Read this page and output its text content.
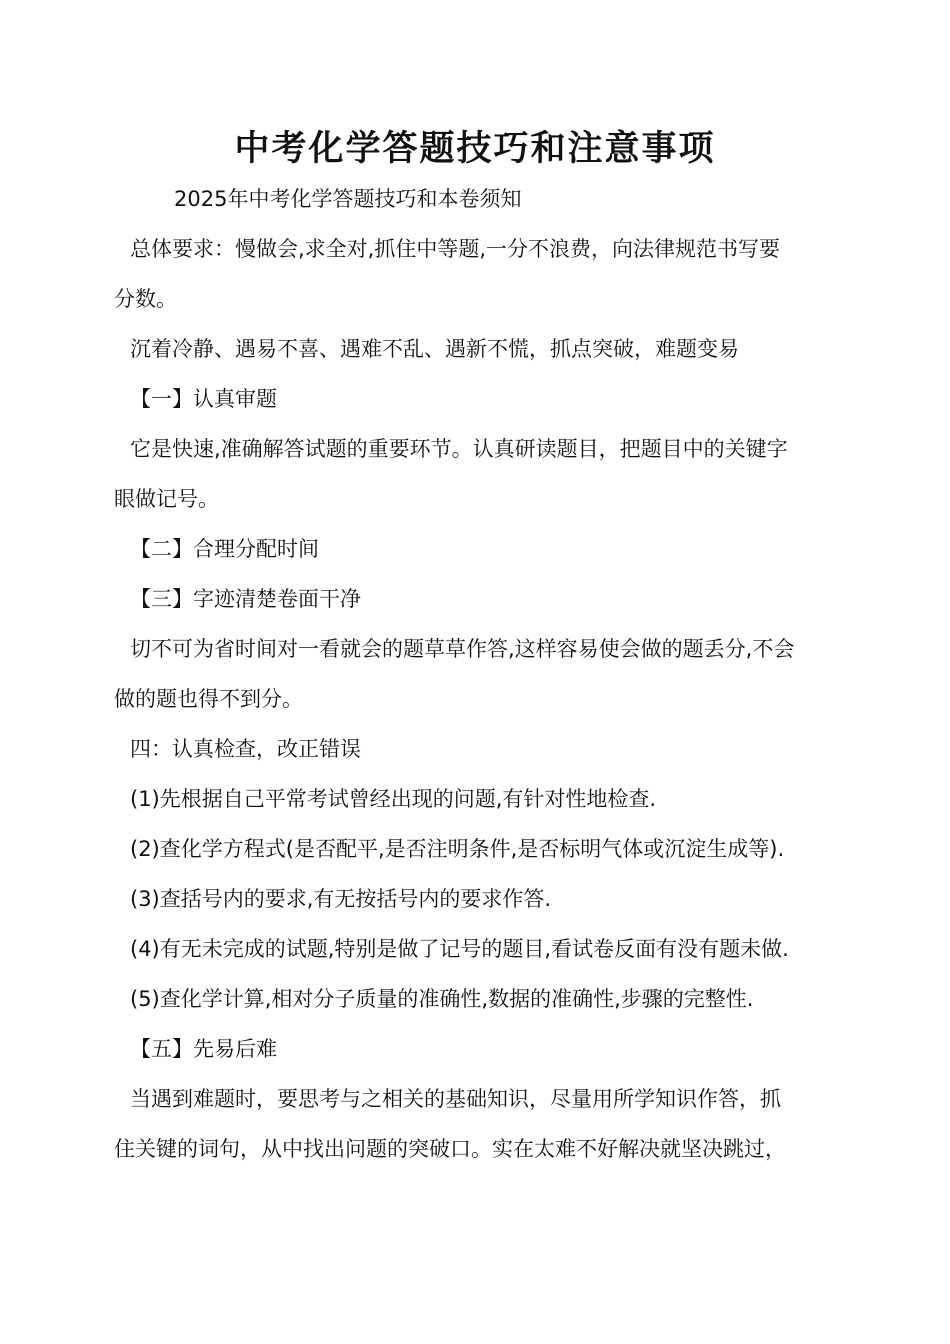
中考化学答题技巧和注意事项
2025年中考化学答题技巧和本卷须知
总体要求：慢做会,求全对,抓住中等题,一分不浪费，向法律规范书写要
分数。
沉着冷静、遇易不喜、遇难不乱、遇新不慌，抓点突破，难题变易
【一】认真审题
它是快速,准确解答试题的重要环节。认真研读题目，把题目中的关键字
眼做记号。
【二】合理分配时间
【三】字迹清楚卷面干净
切不可为省时间对一看就会的题草草作答,这样容易使会做的题丢分,不会
做的题也得不到分。
四：认真检查，改正错误
(1)先根据自己平常考试曾经出现的问题,有针对性地检查.
(2)查化学方程式(是否配平,是否注明条件,是否标明气体或沉淀生成等).
(3)查括号内的要求,有无按括号内的要求作答.
(4)有无未完成的试题,特别是做了记号的题目,看试卷反面有没有题未做.
(5)查化学计算,相对分子质量的准确性,数据的准确性,步骤的完整性.
【五】先易后难
当遇到难题时，要思考与之相关的基础知识，尽量用所学知识作答，抓
住关键的词句，从中找出问题的突破口。实在太难不好解决就坚决跳过，
